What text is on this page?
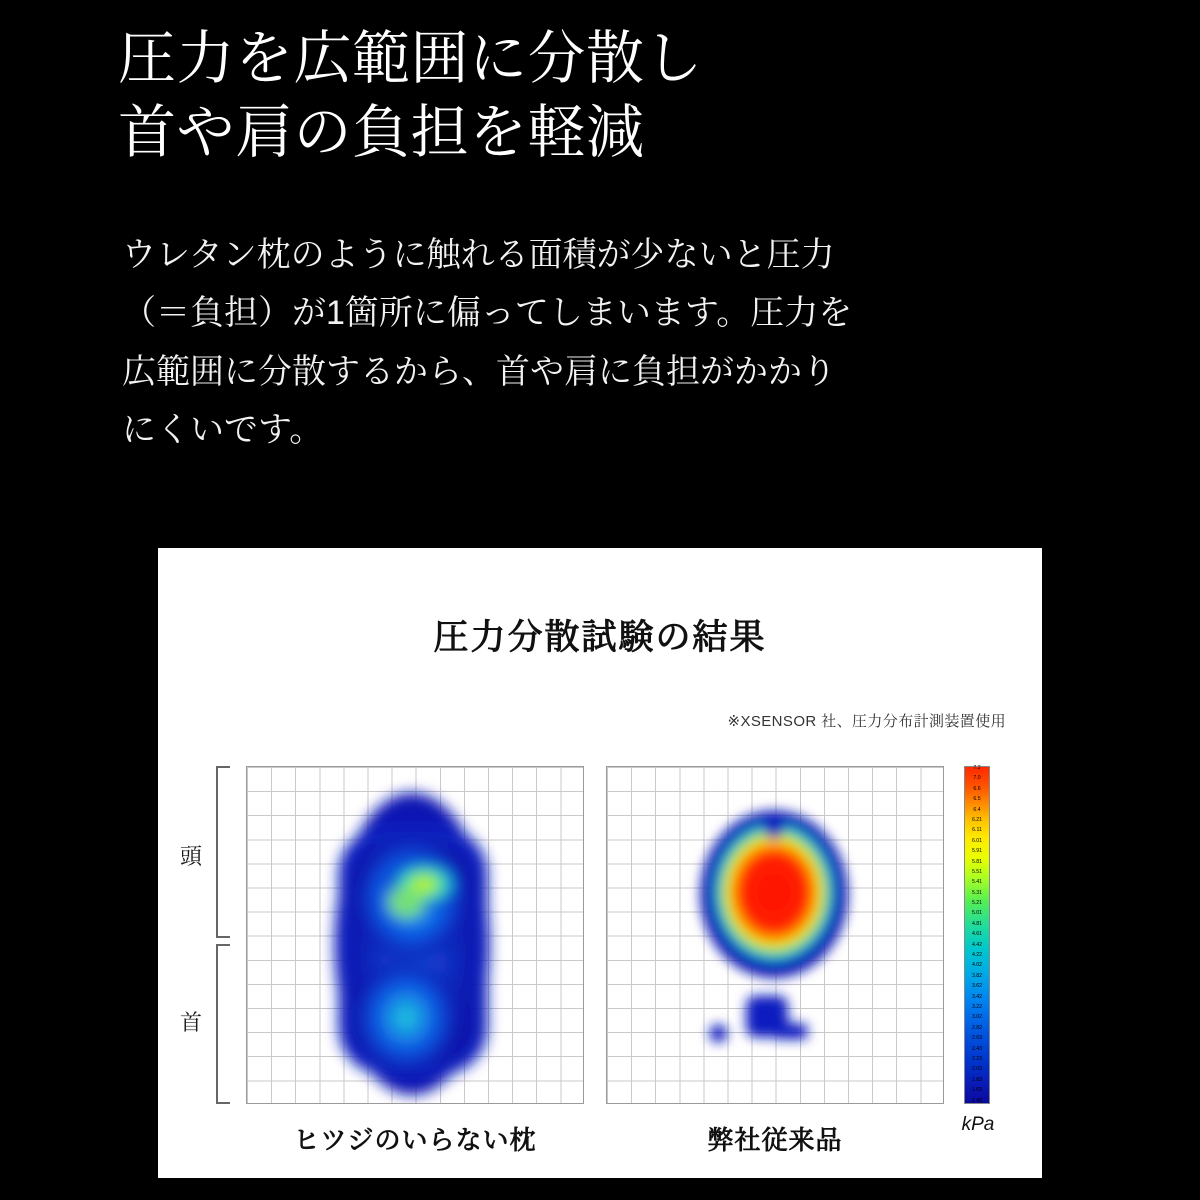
圧力を広範囲に分散し
首や肩の負担を軽減
ウレタン枕のように触れる面積が少ないと圧力
（＝負担）が1箇所に偏ってしまいます。圧力を
広範囲に分散するから、首や肩に負担がかかり
にくいです。
圧力分散試験の結果
※XSENSOR 社、圧力分布計測装置使用
頭
首
7.2
7.0
6.6
6.5
6.4
6.21
6.11
6.01
5.91
5.81
5.51
5.41
5.31
5.21
5.01
4.81
4.61
4.42
4.22
4.02
3.82
3.62
3.42
3.22
3.02
2.82
2.63
2.43
2.23
2.03
1.83
1.63
1.43
kPa
ヒツジのいらない枕	弊社従来品
